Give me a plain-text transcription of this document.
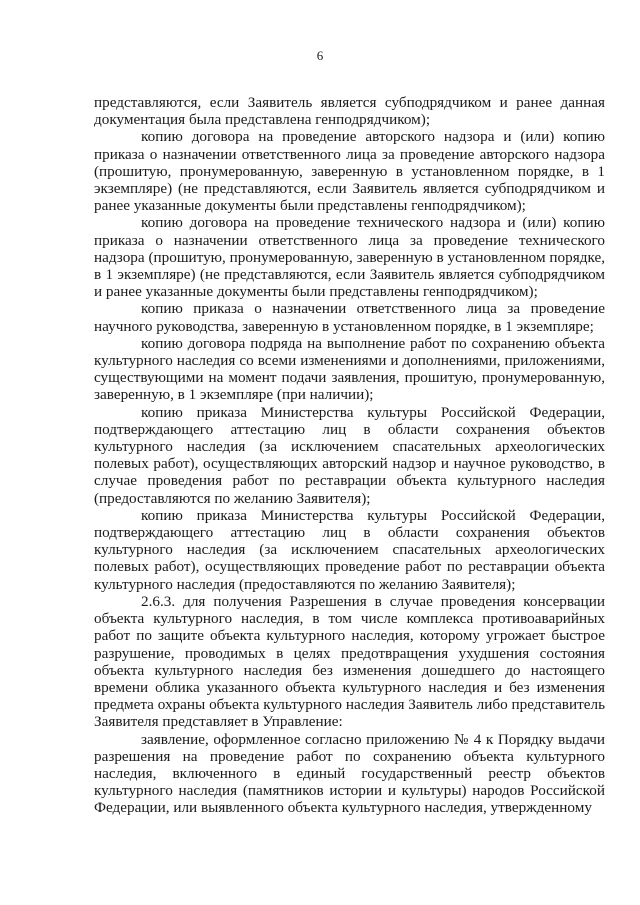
6

представляются, если Заявитель является субподрядчиком и ранее данная документация была представлена генподрядчиком);

копию договора на проведение авторского надзора и (или) копию приказа о назначении ответственного лица за проведение авторского надзора (прошитую, пронумерованную, заверенную в установленном порядке, в 1 экземпляре) (не представляются, если Заявитель является субподрядчиком и ранее указанные документы были представлены генподрядчиком);

копию договора на проведение технического надзора и (или) копию приказа о назначении ответственного лица за проведение технического надзора (прошитую, пронумерованную, заверенную в установленном порядке, в 1 экземпляре) (не представляются, если Заявитель является субподрядчиком и ранее указанные документы были представлены генподрядчиком);

копию приказа о назначении ответственного лица за проведение научного руководства, заверенную в установленном порядке, в 1 экземпляре;

копию договора подряда на выполнение работ по сохранению объекта культурного наследия со всеми изменениями и дополнениями, приложениями, существующими на момент подачи заявления, прошитую, пронумерованную, заверенную, в 1 экземпляре (при наличии);

копию приказа Министерства культуры Российской Федерации, подтверждающего аттестацию лиц в области сохранения объектов культурного наследия (за исключением спасательных археологических полевых работ), осуществляющих авторский надзор и научное руководство, в случае проведения работ по реставрации объекта культурного наследия (предоставляются по желанию Заявителя);

копию приказа Министерства культуры Российской Федерации, подтверждающего аттестацию лиц в области сохранения объектов культурного наследия (за исключением спасательных археологических полевых работ), осуществляющих проведение работ по реставрации объекта культурного наследия (предоставляются по желанию Заявителя);

2.6.3. для получения Разрешения в случае проведения консервации объекта культурного наследия, в том числе комплекса противоаварийных работ по защите объекта культурного наследия, которому угрожает быстрое разрушение, проводимых в целях предотвращения ухудшения состояния объекта культурного наследия без изменения дошедшего до настоящего времени облика указанного объекта культурного наследия и без изменения предмета охраны объекта культурного наследия Заявитель либо представитель Заявителя представляет в Управление:

заявление, оформленное согласно приложению № 4 к Порядку выдачи разрешения на проведение работ по сохранению объекта культурного наследия, включенного в единый государственный реестр объектов культурного наследия (памятников истории и культуры) народов Российской Федерации, или выявленного объекта культурного наследия, утвержденному
